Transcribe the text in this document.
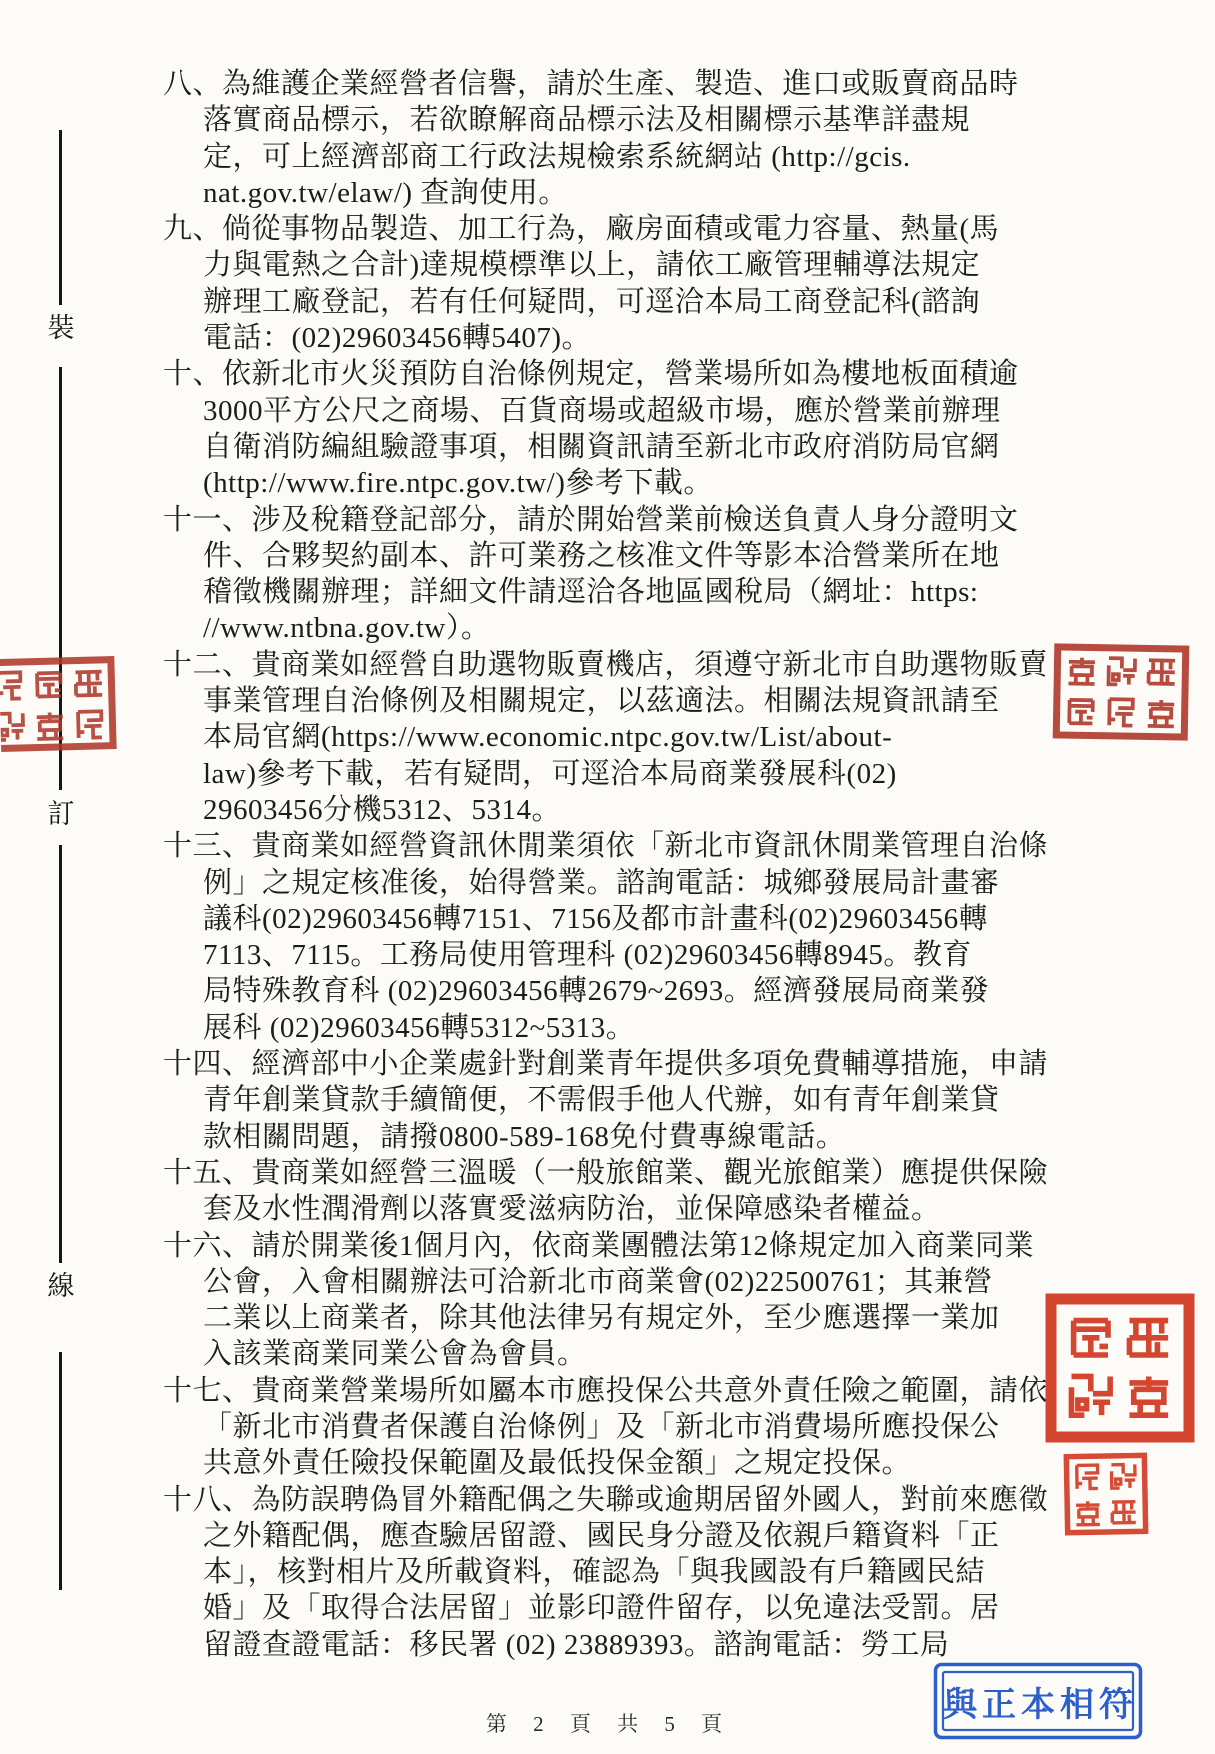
裝
訂
線
八、為維護企業經營者信譽，請於生產、製造、進口或販賣商品時
落實商品標示，若欲瞭解商品標示法及相關標示基準詳盡規
定，可上經濟部商工行政法規檢索系統網站 (http://gcis.
nat.gov.tw/elaw/) 查詢使用。
九、倘從事物品製造、加工行為，廠房面積或電力容量、熱量(馬
力與電熱之合計)達規模標準以上，請依工廠管理輔導法規定
辦理工廠登記，若有任何疑問，可逕洽本局工商登記科(諮詢
電話：(02)29603456轉5407)。
十、依新北市火災預防自治條例規定，營業場所如為樓地板面積逾
3000平方公尺之商場、百貨商場或超級市場，應於營業前辦理
自衛消防編組驗證事項，相關資訊請至新北市政府消防局官網
(http://www.fire.ntpc.gov.tw/)參考下載。
十一、涉及稅籍登記部分，請於開始營業前檢送負責人身分證明文
件、合夥契約副本、許可業務之核准文件等影本洽營業所在地
稽徵機關辦理；詳細文件請逕洽各地區國稅局（網址：https:
//www.ntbna.gov.tw）。
十二、貴商業如經營自助選物販賣機店，須遵守新北市自助選物販賣
事業管理自治條例及相關規定，以茲適法。相關法規資訊請至
本局官網(https://www.economic.ntpc.gov.tw/List/about-
law)參考下載，若有疑問，可逕洽本局商業發展科(02)
29603456分機5312、5314。
十三、貴商業如經營資訊休閒業須依「新北市資訊休閒業管理自治條
例」之規定核准後，始得營業。諮詢電話：城鄉發展局計畫審
議科(02)29603456轉7151、7156及都市計畫科(02)29603456轉
7113、7115。工務局使用管理科 (02)29603456轉8945。教育
局特殊教育科 (02)29603456轉2679~2693。經濟發展局商業發
展科 (02)29603456轉5312~5313。
十四、經濟部中小企業處針對創業青年提供多項免費輔導措施，申請
青年創業貸款手續簡便，不需假手他人代辦，如有青年創業貸
款相關問題，請撥0800-589-168免付費專線電話。
十五、貴商業如經營三溫暖（一般旅館業、觀光旅館業）應提供保險
套及水性潤滑劑以落實愛滋病防治，並保障感染者權益。
十六、請於開業後1個月內，依商業團體法第12條規定加入商業同業
公會，入會相關辦法可洽新北市商業會(02)22500761；其兼營
二業以上商業者，除其他法律另有規定外，至少應選擇一業加
入該業商業同業公會為會員。
十七、貴商業營業場所如屬本市應投保公共意外責任險之範圍，請依
「新北市消費者保護自治條例」及「新北市消費場所應投保公
共意外責任險投保範圍及最低投保金額」之規定投保。
十八、為防誤聘偽冒外籍配偶之失聯或逾期居留外國人，對前來應徵
之外籍配偶，應查驗居留證、國民身分證及依親戶籍資料「正
本」，核對相片及所載資料，確認為「與我國設有戶籍國民結
婚」及「取得合法居留」並影印證件留存，以免違法受罰。居
留證查證電話：移民署 (02) 23889393。諮詢電話：勞工局
與正本相符
第 2 頁 共 5 頁
